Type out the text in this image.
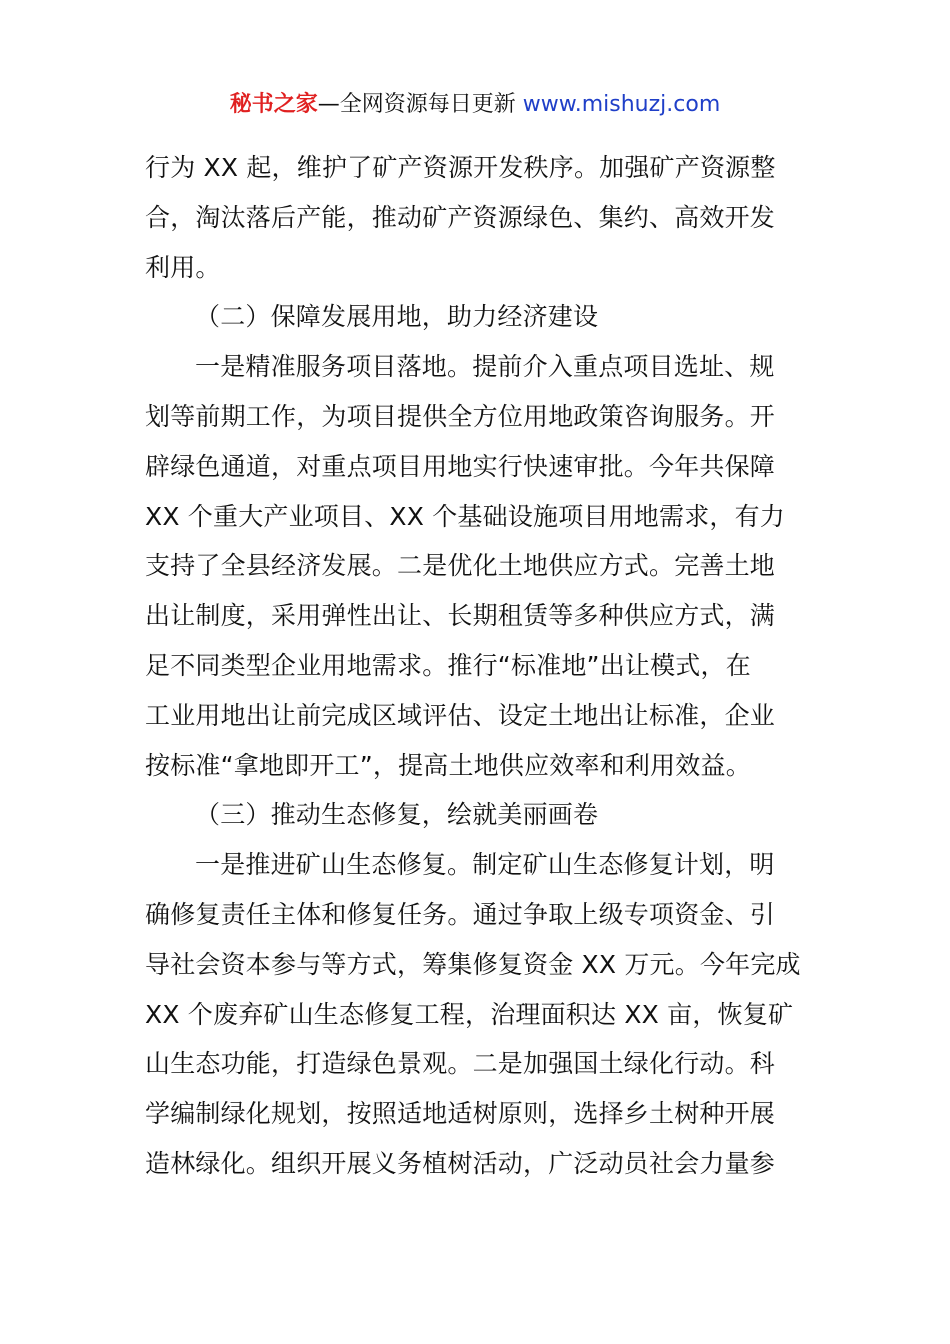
秘书之家—全网资源每日更新 www.mishuzj.com
行为 XX 起，维护了矿产资源开发秩序。加强矿产资源整
合，淘汰落后产能，推动矿产资源绿色、集约、高效开发
利用。
（二）保障发展用地，助力经济建设
一是精准服务项目落地。提前介入重点项目选址、规
划等前期工作，为项目提供全方位用地政策咨询服务。开
辟绿色通道，对重点项目用地实行快速审批。今年共保障
XX 个重大产业项目、XX 个基础设施项目用地需求，有力
支持了全县经济发展。二是优化土地供应方式。完善土地
出让制度，采用弹性出让、长期租赁等多种供应方式，满
足不同类型企业用地需求。推行“标准地”出让模式，在
工业用地出让前完成区域评估、设定土地出让标准，企业
按标准“拿地即开工”，提高土地供应效率和利用效益。
（三）推动生态修复，绘就美丽画卷
一是推进矿山生态修复。制定矿山生态修复计划，明
确修复责任主体和修复任务。通过争取上级专项资金、引
导社会资本参与等方式，筹集修复资金 XX 万元。今年完成
XX 个废弃矿山生态修复工程，治理面积达 XX 亩，恢复矿
山生态功能，打造绿色景观。二是加强国土绿化行动。科
学编制绿化规划，按照适地适树原则，选择乡土树种开展
造林绿化。组织开展义务植树活动，广泛动员社会力量参
